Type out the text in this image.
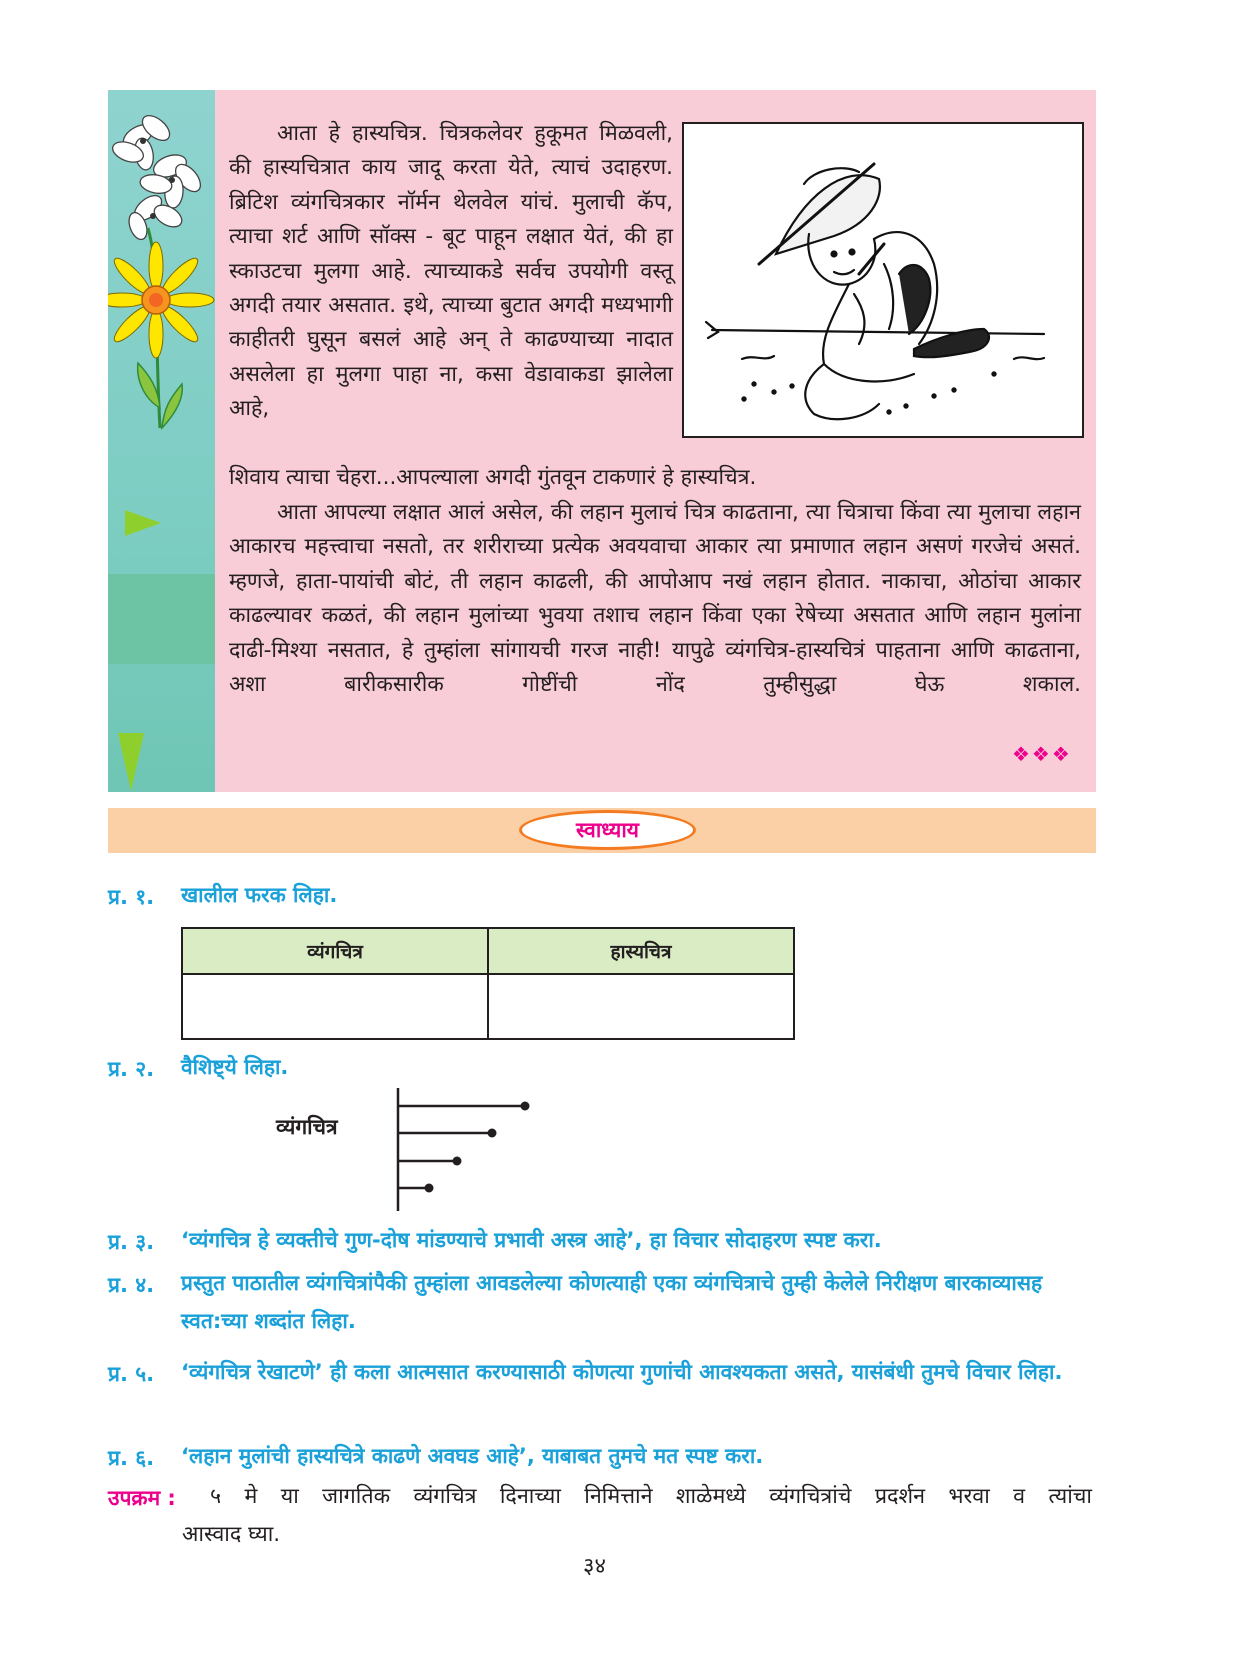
आता हे हास्यचित्र. चित्रकलेवर हुकूमत मिळवली, की हास्यचित्रात काय जादू करता येते, त्याचं उदाहरण. ब्रिटिश व्यंगचित्रकार नॉर्मन थेलवेल यांचं. मुलाची कॅप, त्याचा शर्ट आणि सॉक्स - बूट पाहून लक्षात येतं, की हा स्काउटचा मुलगा आहे. त्याच्याकडे सर्वच उपयोगी वस्तू अगदी तयार असतात. इथे, त्याच्या बुटात अगदी मध्यभागी काहीतरी घुसून बसलं आहे अन् ते काढण्याच्या नादात असलेला हा मुलगा पाहा ना, कसा वेडावाकडा झालेला आहे,

शिवाय त्याचा चेहरा...आपल्याला अगदी गुंतवून टाकणारं हे हास्यचित्र.

आता आपल्या लक्षात आलं असेल, की लहान मुलाचं चित्र काढताना, त्या चित्राचा किंवा त्या मुलाचा लहान आकारच महत्त्वाचा नसतो, तर शरीराच्या प्रत्येक अवयवाचा आकार त्या प्रमाणात लहान असणं गरजेचं असतं. म्हणजे, हाता-पायांची बोटं, ती लहान काढली, की आपोआप नखं लहान होतात. नाकाचा, ओठांचा आकार काढल्यावर कळतं, की लहान मुलांच्या भुवया तशाच लहान किंवा एका रेषेच्या असतात आणि लहान मुलांना दाढी-मिश्या नसतात, हे तुम्हांला सांगायची गरज नाही! यापुढे व्यंगचित्र-हास्यचित्रं पाहताना आणि काढताना, अशा बारीकसारीक गोष्टींची नोंद तुम्हीसुद्धा घेऊ	शकाल.

❖❖❖
स्वाध्याय
प्र. १. खालील फरक लिहा.

व्यंगचित्र	हास्यचित्र

प्र. २. वैशिष्ट्ये लिहा.

व्यंगचित्र
प्र. ३. ‘व्यंगचित्र हे व्यक्तीचे गुण-दोष मांडण्याचे प्रभावी अस्त्र आहे’, हा विचार सोदाहरण स्पष्ट करा.

प्र. ४. प्रस्तुत पाठातील व्यंगचित्रांपैकी तुम्हांला आवडलेल्या कोणत्याही एका व्यंगचित्राचे तुम्ही केलेले निरीक्षण बारकाव्यासह स्वत:च्या शब्दांत लिहा.

प्र. ५. ‘व्यंगचित्र रेखाटणे’ ही कला आत्मसात करण्यासाठी कोणत्या गुणांची आवश्यकता असते, यासंबंधी तुमचे विचार लिहा.

प्र. ६. ‘लहान मुलांची हास्यचित्रे काढणे अवघड आहे’, याबाबत तुमचे मत स्पष्ट करा.

उपक्रम : ५ मे या जागतिक व्यंगचित्र दिनाच्या निमित्ताने शाळेमध्ये व्यंगचित्रांचे प्रदर्शन भरवा व त्यांचा
आस्वाद घ्या.

३४
